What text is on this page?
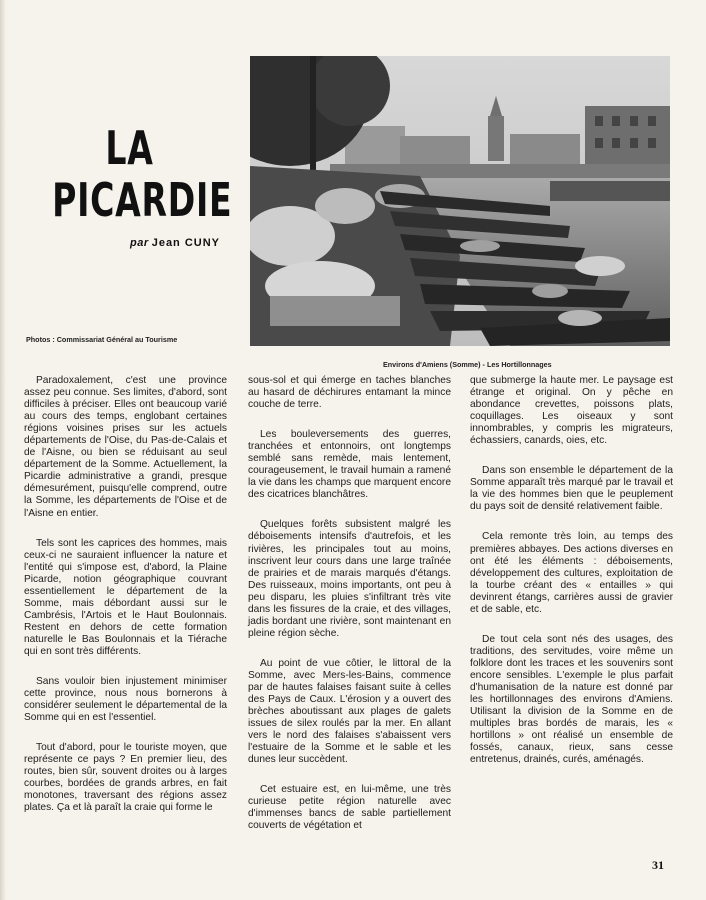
LA
PICARDIE
par Jean CUNY
Photos : Commissariat Général au Tourisme
Environs d'Amiens (Somme) - Les Hortillonnages

Paradoxalement, c'est une province assez peu connue. Ses limites, d'abord, sont difficiles à préciser. Elles ont beaucoup varié au cours des temps, englobant certaines régions voisines prises sur les actuels départements de l'Oise, du Pas-de-Calais et de l'Aisne, ou bien se réduisant au seul département de la Somme. Actuellement, la Picardie administrative a grandi, presque démesurément, puisqu'elle comprend, outre la Somme, les départements de l'Oise et de l'Aisne en entier.

Tels sont les caprices des hommes, mais ceux-ci ne sauraient influencer la nature et l'entité qui s'impose est, d'abord, la Plaine Picarde, notion géographique couvrant essentiellement le département de la Somme, mais débordant aussi sur le Cambrésis, l'Artois et le Haut Boulonnais. Restent en dehors de cette formation naturelle le Bas Boulonnais et la Tiérache qui en sont très différents.

Sans vouloir bien injustement minimiser cette province, nous nous bornerons à considérer seulement le départemental de la Somme qui en est l'essentiel.

Tout d'abord, pour le touriste moyen, que représente ce pays ? En premier lieu, des routes, bien sûr, souvent droites ou à larges courbes, bordées de grands arbres, en fait monotones, traversant des régions assez plates. Ça et là paraît la craie qui forme le

sous-sol et qui émerge en taches blanches au hasard de déchirures entamant la mince couche de terre.

Les bouleversements des guerres, tranchées et entonnoirs, ont longtemps semblé sans remède, mais lentement, courageusement, le travail humain a ramené la vie dans les champs que marquent encore des cicatrices blanchâtres.

Quelques forêts subsistent malgré les déboisements intensifs d'autrefois, et les rivières, les principales tout au moins, inscrivent leur cours dans une large traînée de prairies et de marais marqués d'étangs. Des ruisseaux, moins importants, ont peu à peu disparu, les pluies s'infiltrant très vite dans les fissures de la craie, et des villages, jadis bordant une rivière, sont maintenant en pleine région sèche.

Au point de vue côtier, le littoral de la Somme, avec Mers-les-Bains, commence par de hautes falaises faisant suite à celles des Pays de Caux. L'érosion y a ouvert des brèches aboutissant aux plages de galets issues de silex roulés par la mer. En allant vers le nord des falaises s'abaissent vers l'estuaire de la Somme et le sable et les dunes leur succèdent.

Cet estuaire est, en lui-même, une très curieuse petite région naturelle avec d'immenses bancs de sable partiellement couverts de végétation et

que submerge la haute mer. Le paysage est étrange et original. On y pêche en abondance crevettes, poissons plats, coquillages. Les oiseaux y sont innombrables, y compris les migrateurs, échassiers, canards, oies, etc.

Dans son ensemble le département de la Somme apparaît très marqué par le travail et la vie des hommes bien que le peuplement du pays soit de densité relativement faible.

Cela remonte très loin, au temps des premières abbayes. Des actions diverses en ont été les éléments : déboisements, développement des cultures, exploitation de la tourbe créant des « entailles » qui devinrent étangs, carrières aussi de gravier et de sable, etc.

De tout cela sont nés des usages, des traditions, des servitudes, voire même un folklore dont les traces et les souvenirs sont encore sensibles. L'exemple le plus parfait d'humanisation de la nature est donné par les hortillonnages des environs d'Amiens. Utilisant la division de la Somme en de multiples bras bordés de marais, les « hortillons » ont réalisé un ensemble de fossés, canaux, rieux, sans cesse entretenus, drainés, curés, aménagés.

31
